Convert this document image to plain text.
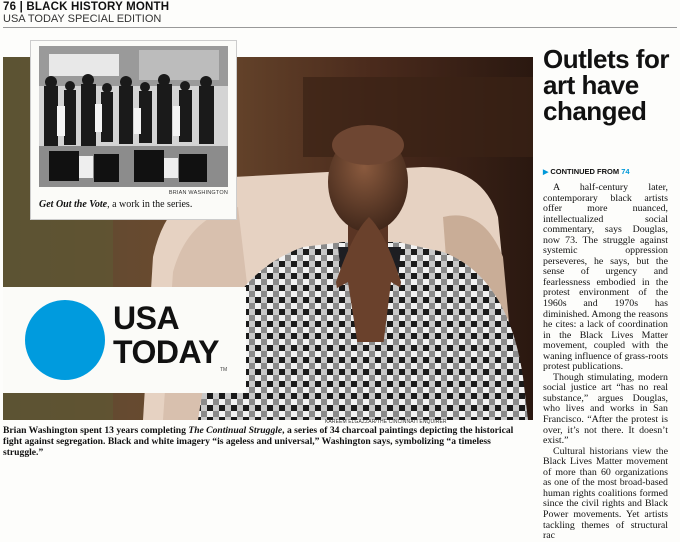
76 | BLACK HISTORY MONTH
USA TODAY SPECIAL EDITION
BRIAN WASHINGTON
Get Out the Vote, a work in the series.
USA
TODAY TM
KAREEM ELGAZZAR/THE CINCINNATI ENQUIRER
Brian Washington spent 13 years completing The Continual Struggle, a series of 34 charcoal paintings depicting the historical fight against segregation. Black and white imagery “is ageless and universal,” Washington says, symbolizing “a timeless struggle.”
Outlets for art have changed
▶ CONTINUED FROM 74

A half-century later, contemporary black artists offer more nuanced, intellectualized social commentary, says Douglas, now 73. The struggle against systemic oppression perseveres, he says, but the sense of urgency and fearlessness embodied in the protest environment of the 1960s and 1970s has diminished. Among the reasons he cites: a lack of coordination in the Black Lives Matter movement, coupled with the waning influence of grass-roots protest publications.

Though stimulating, modern social justice art “has no real substance,” argues Douglas, who lives and works in San Francisco. “After the protest is over, it’s not there. It doesn’t exist.”

Cultural historians view the Black Lives Matter movement of more than 60 organizations as one of the most broad-based human rights coalitions formed since the civil rights and Black Power movements. Yet artists tackling themes of structural rac
